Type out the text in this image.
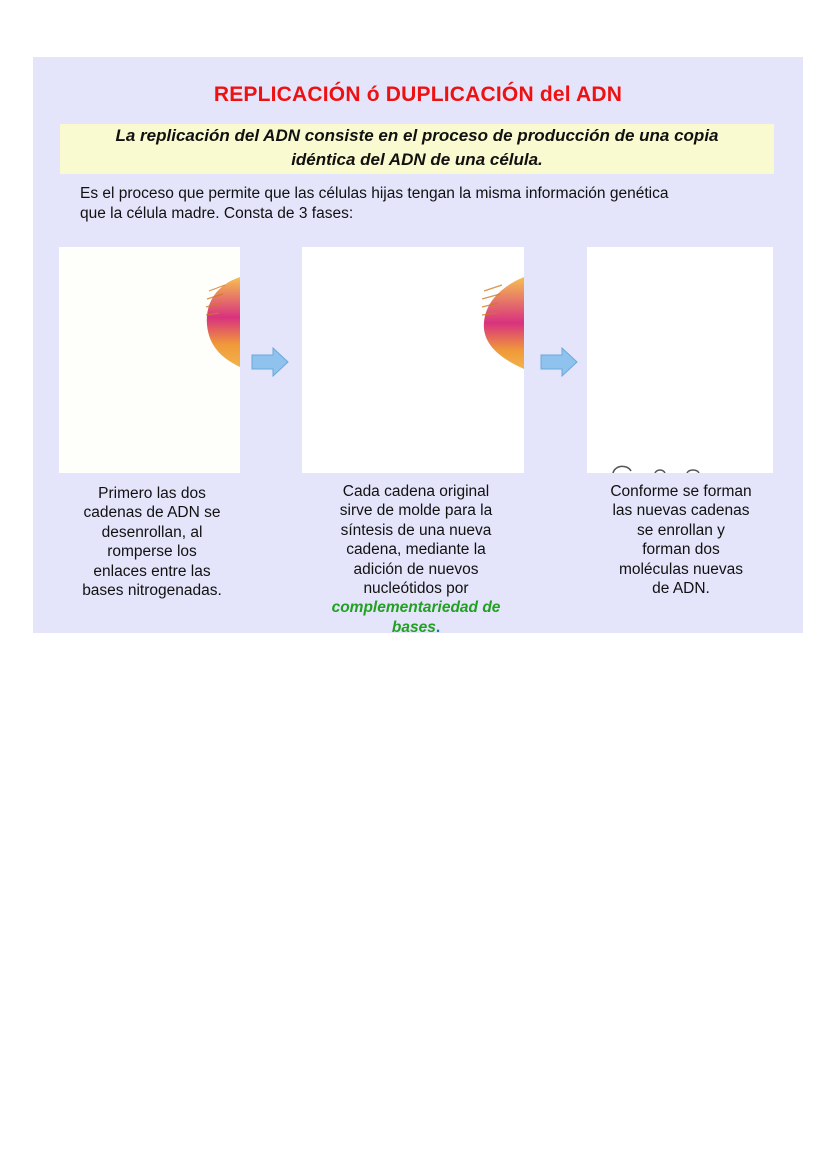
REPLICACIÓN ó DUPLICACIÓN del ADN
La replicación del ADN consiste en el proceso de producción de una copia
idéntica del ADN de una célula.
Es el proceso que permite que las células hijas tengan la misma información genética
que la célula madre. Consta de 3 fases:
Primero las dos
cadenas de ADN se
desenrollan, al
romperse los
enlaces entre las
bases nitrogenadas.
Cada cadena original
sirve de molde para la
síntesis de una nueva
cadena, mediante la
adición de nuevos
nucleótidos por
complementariedad de
bases.
Conforme se forman
las nuevas cadenas
se enrollan y
forman dos
moléculas nuevas
de ADN.
